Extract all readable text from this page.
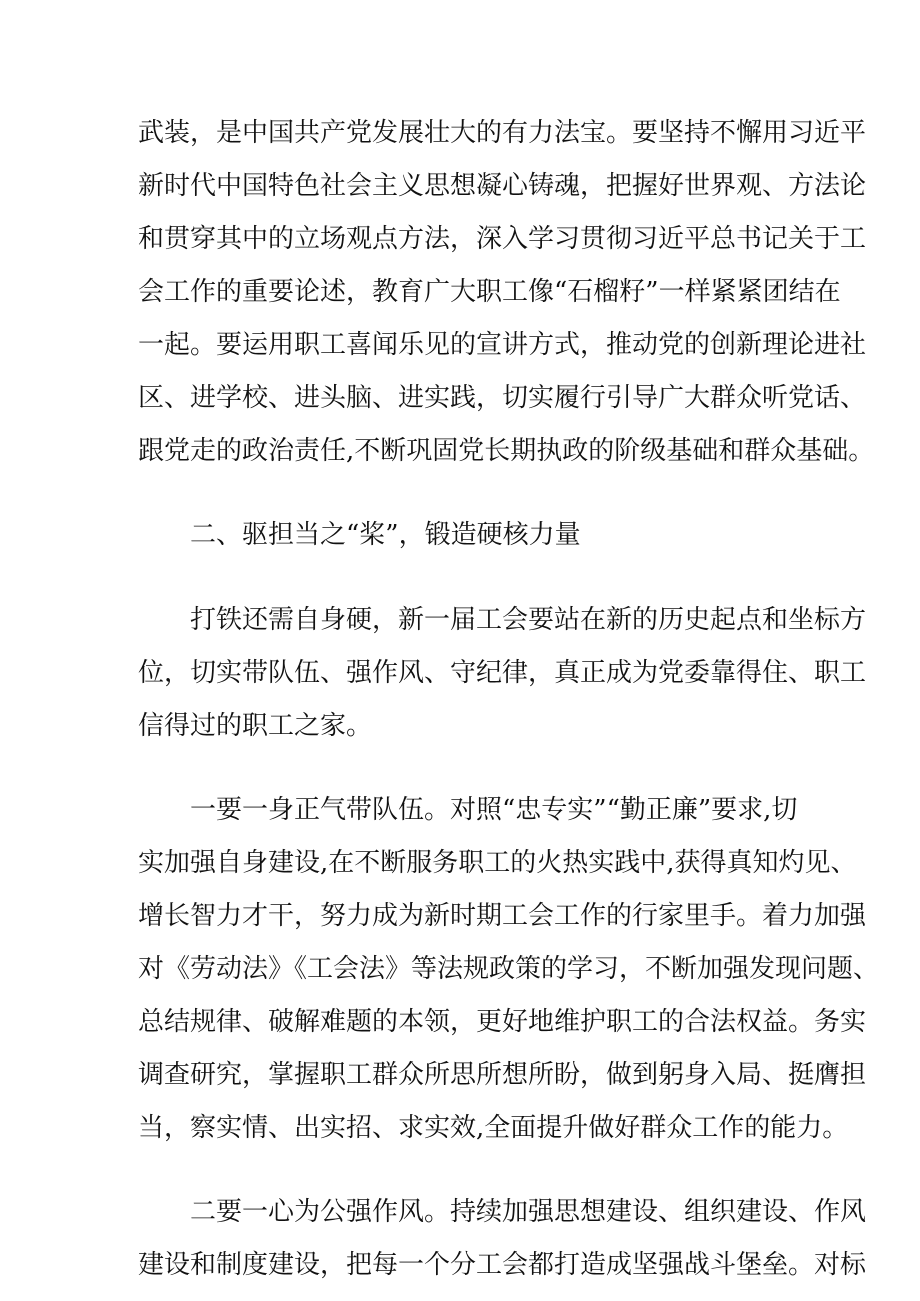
武装，是中国共产党发展壮大的有力法宝。要坚持不懈用习近平

新时代中国特色社会主义思想凝心铸魂，把握好世界观、方法论

和贯穿其中的立场观点方法，深入学习贯彻习近平总书记关于工

会工作的重要论述，教育广大职工像“石榴籽”一样紧紧团结在

一起。要运用职工喜闻乐见的宣讲方式，推动党的创新理论进社

区、进学校、进头脑、进实践，切实履行引导广大群众听党话、

跟党走的政治责任,不断巩固党长期执政的阶级基础和群众基础。

二、驱担当之“桨”，锻造硬核力量

打铁还需自身硬，新一届工会要站在新的历史起点和坐标方

位，切实带队伍、强作风、守纪律，真正成为党委靠得住、职工

信得过的职工之家。

一要一身正气带队伍。对照“忠专实”“勤正廉”要求,切

实加强自身建设,在不断服务职工的火热实践中,获得真知灼见、

增长智力才干，努力成为新时期工会工作的行家里手。着力加强

对《劳动法》《工会法》等法规政策的学习，不断加强发现问题、

总结规律、破解难题的本领，更好地维护职工的合法权益。务实

调查研究，掌握职工群众所思所想所盼，做到躬身入局、挺膺担

当，察实情、出实招、求实效,全面提升做好群众工作的能力。

二要一心为公强作风。持续加强思想建设、组织建设、作风

建设和制度建设，把每一个分工会都打造成坚强战斗堡垒。对标
